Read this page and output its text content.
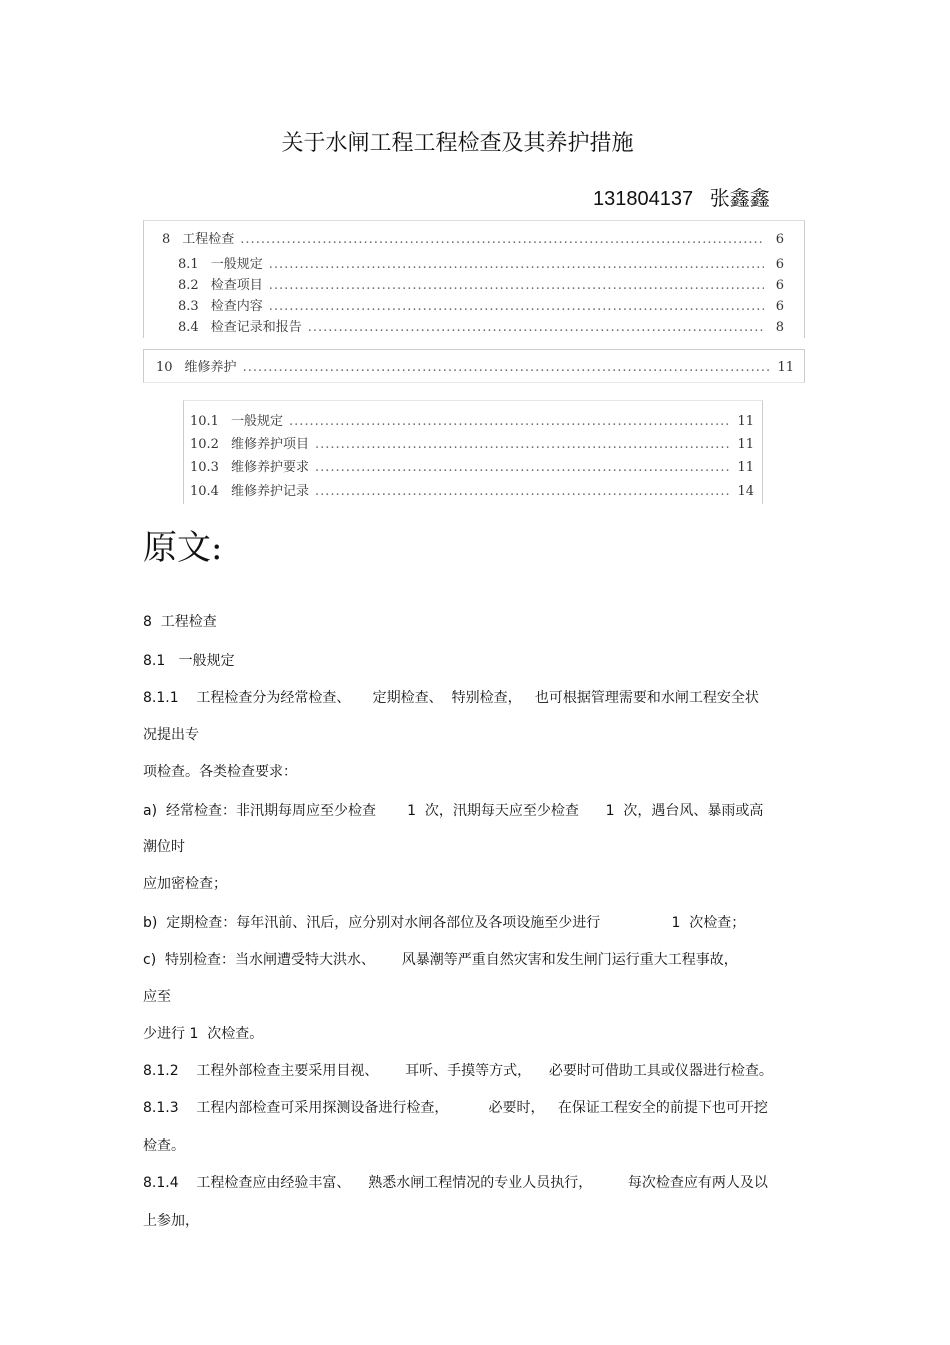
关于水闸工程工程检查及其养护措施
131804137   张鑫鑫
8 工程检查 .....	6
8.1 一般规定 .....	6
8.2 检查项目 .....	6
8.3 检查内容 .....	6
8.4 检查记录和报告 .....	8
10 维修养护 .....	11
10.1 一般规定 .....	11
10.2 维修养护项目 .....	11
10.3 维修养护要求 .....	11
10.4 维修养护记录 .....	14
原文:
8  工程检查
8.1   一般规定
8.1.1    工程检查分为经常检查、     定期检查、  特别检查，   也可根据管理需要和水闸工程安全状
况提出专
项检查。各类检查要求：
a)  经常检查：非汛期每周应至少检查       1  次，汛期每天应至少检查      1  次，遇台风、暴雨或高
潮位时
应加密检查；
b)  定期检查：每年汛前、汛后，应分别对水闸各部位及各项设施至少进行                1  次检查；
c)  特别检查：当水闸遭受特大洪水、      风暴潮等严重自然灾害和发生闸门运行重大工程事故，
应至
少进行 1  次检查。
8.1.2    工程外部检查主要采用目视、      耳听、手摸等方式，    必要时可借助工具或仪器进行检查。
8.1.3    工程内部检查可采用探测设备进行检查，         必要时，   在保证工程安全的前提下也可开挖
检查。
8.1.4    工程检查应由经验丰富、    熟悉水闸工程情况的专业人员执行，        每次检查应有两人及以
上参加，
